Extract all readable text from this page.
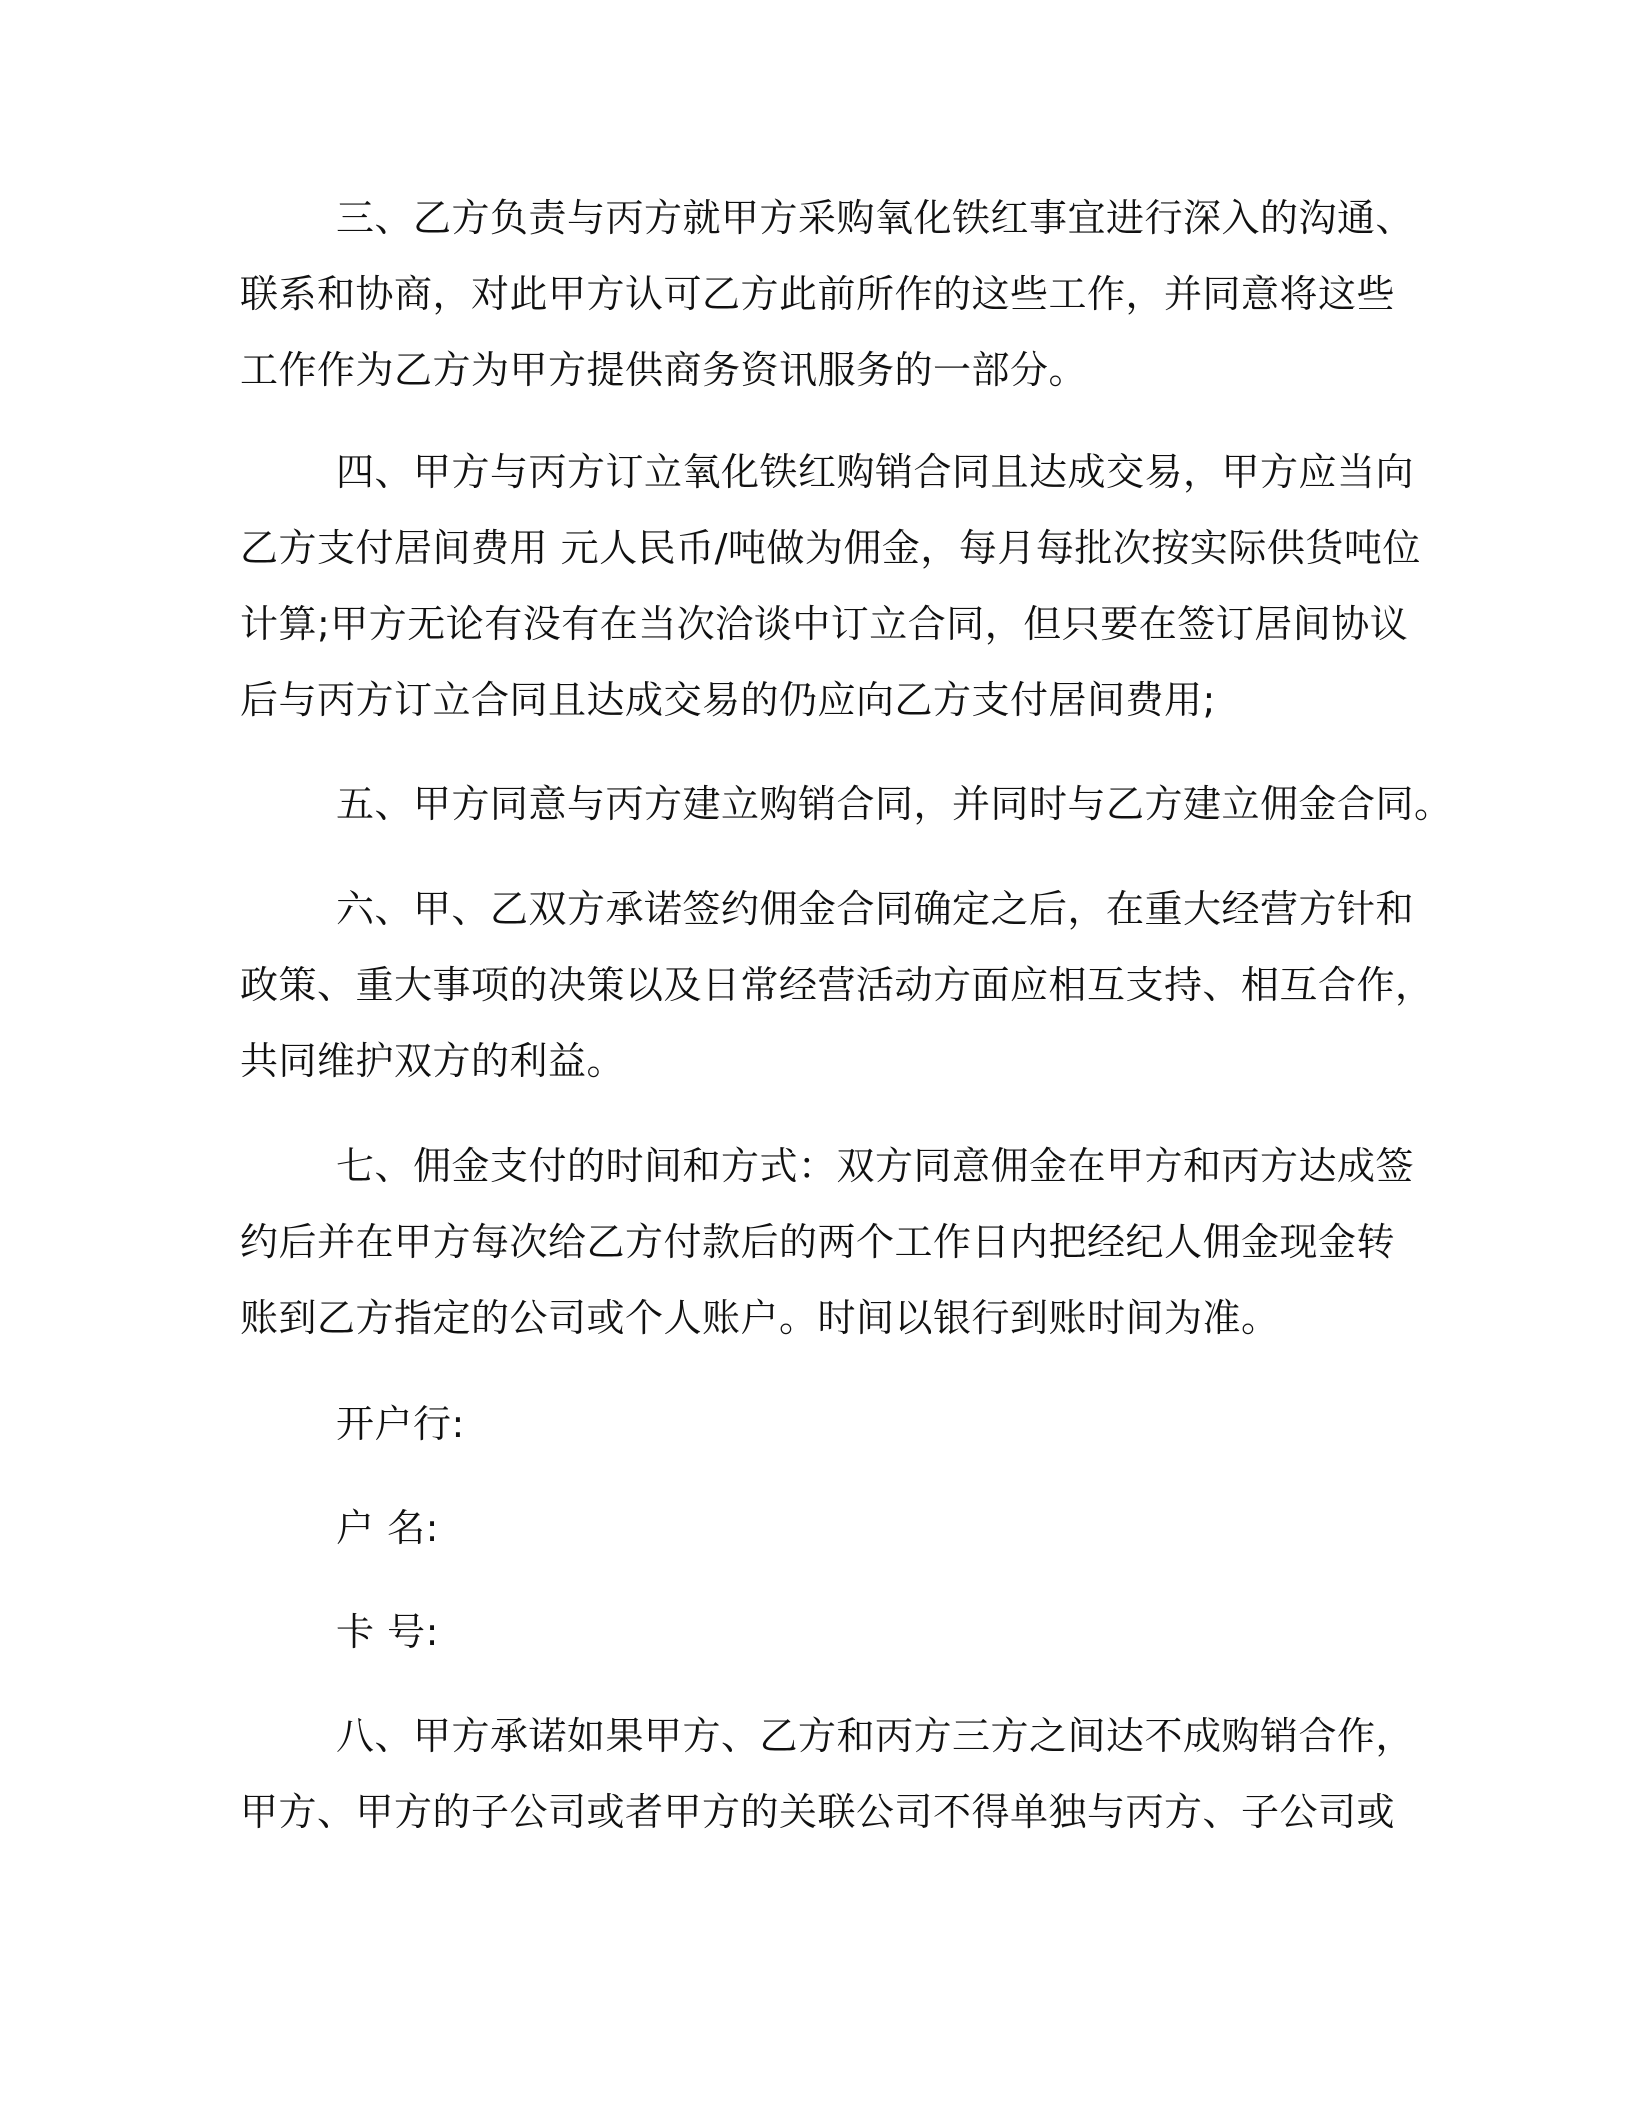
三、乙方负责与丙方就甲方采购氧化铁红事宜进行深入的沟通、
联系和协商，对此甲方认可乙方此前所作的这些工作，并同意将这些
工作作为乙方为甲方提供商务资讯服务的一部分。
四、甲方与丙方订立氧化铁红购销合同且达成交易，甲方应当向
乙方支付居间费用 元人民币/吨做为佣金，每月每批次按实际供货吨位
计算;甲方无论有没有在当次洽谈中订立合同，但只要在签订居间协议
后与丙方订立合同且达成交易的仍应向乙方支付居间费用;
五、甲方同意与丙方建立购销合同，并同时与乙方建立佣金合同。
六、甲、乙双方承诺签约佣金合同确定之后，在重大经营方针和
政策、重大事项的决策以及日常经营活动方面应相互支持、相互合作，
共同维护双方的利益。
七、佣金支付的时间和方式：双方同意佣金在甲方和丙方达成签
约后并在甲方每次给乙方付款后的两个工作日内把经纪人佣金现金转
账到乙方指定的公司或个人账户。时间以银行到账时间为准。
开户行:
户 名:
卡 号:
八、甲方承诺如果甲方、乙方和丙方三方之间达不成购销合作，
甲方、甲方的子公司或者甲方的关联公司不得单独与丙方、子公司或
